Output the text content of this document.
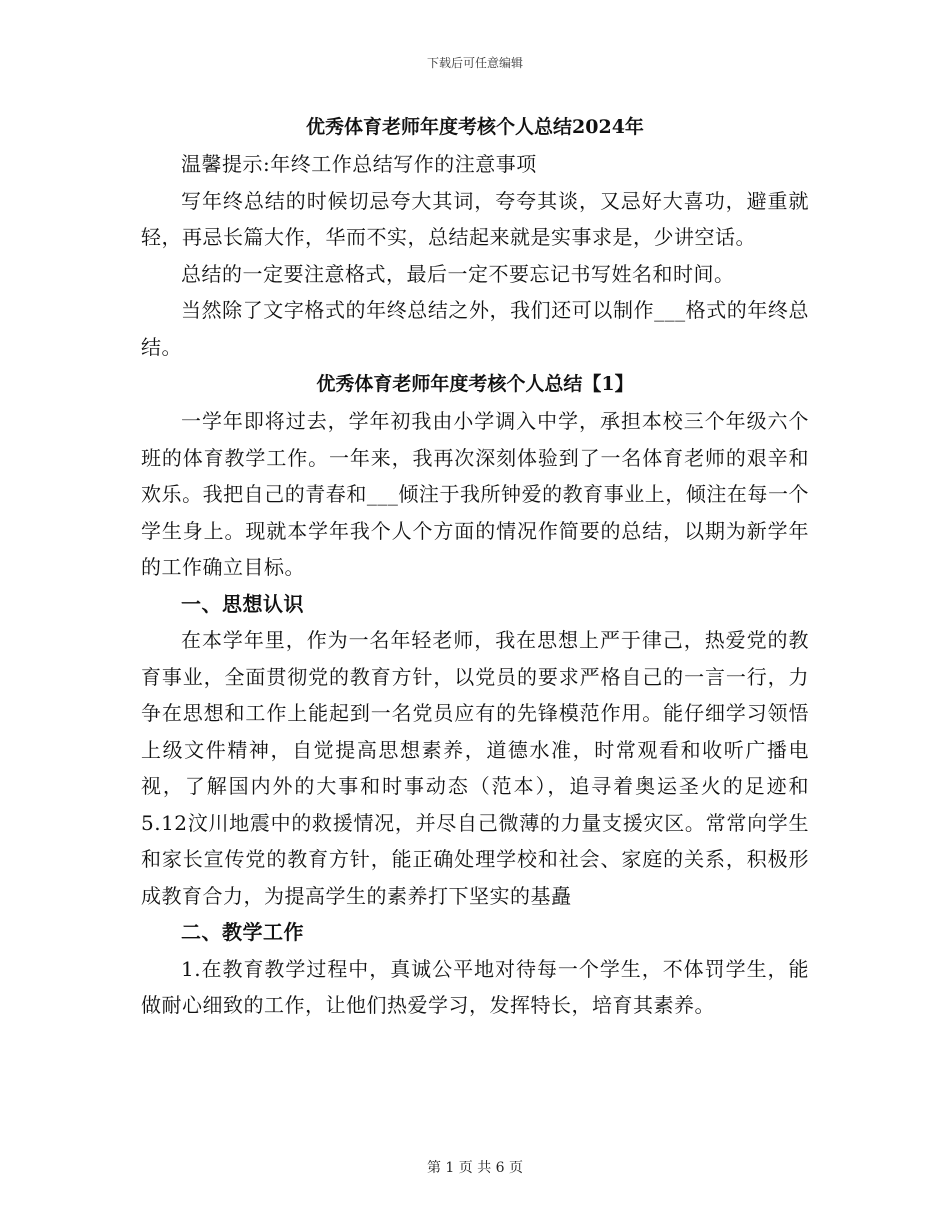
下载后可任意编辑
优秀体育老师年度考核个人总结2024年

温馨提示:年终工作总结写作的注意事项

写年终总结的时候切忌夸大其词，夸夸其谈，又忌好大喜功，避重就轻，再忌长篇大作，华而不实，总结起来就是实事求是，少讲空话。

总结的一定要注意格式，最后一定不要忘记书写姓名和时间。

当然除了文字格式的年终总结之外，我们还可以制作___格式的年终总结。

优秀体育老师年度考核个人总结【1】

一学年即将过去，学年初我由小学调入中学，承担本校三个年级六个班的体育教学工作。一年来，我再次深刻体验到了一名体育老师的艰辛和欢乐。我把自己的青春和___倾注于我所钟爱的教育事业上，倾注在每一个学生身上。现就本学年我个人个方面的情况作简要的总结，以期为新学年的工作确立目标。

一、思想认识

在本学年里，作为一名年轻老师，我在思想上严于律己，热爱党的教育事业，全面贯彻党的教育方针，以党员的要求严格自己的一言一行，力争在思想和工作上能起到一名党员应有的先锋模范作用。能仔细学习领悟上级文件精神，自觉提高思想素养，道德水准，时常观看和收听广播电视，了解国内外的大事和时事动态（范本），追寻着奥运圣火的足迹和5.12汶川地震中的救援情况，并尽自己微薄的力量支援灾区。常常向学生和家长宣传党的教育方针，能正确处理学校和社会、家庭的关系，积极形成教育合力，为提高学生的素养打下坚实的基矗

二、教学工作

1.在教育教学过程中，真诚公平地对待每一个学生，不体罚学生，能做耐心细致的工作，让他们热爱学习，发挥特长，培育其素养。

第 1 页 共 6 页
